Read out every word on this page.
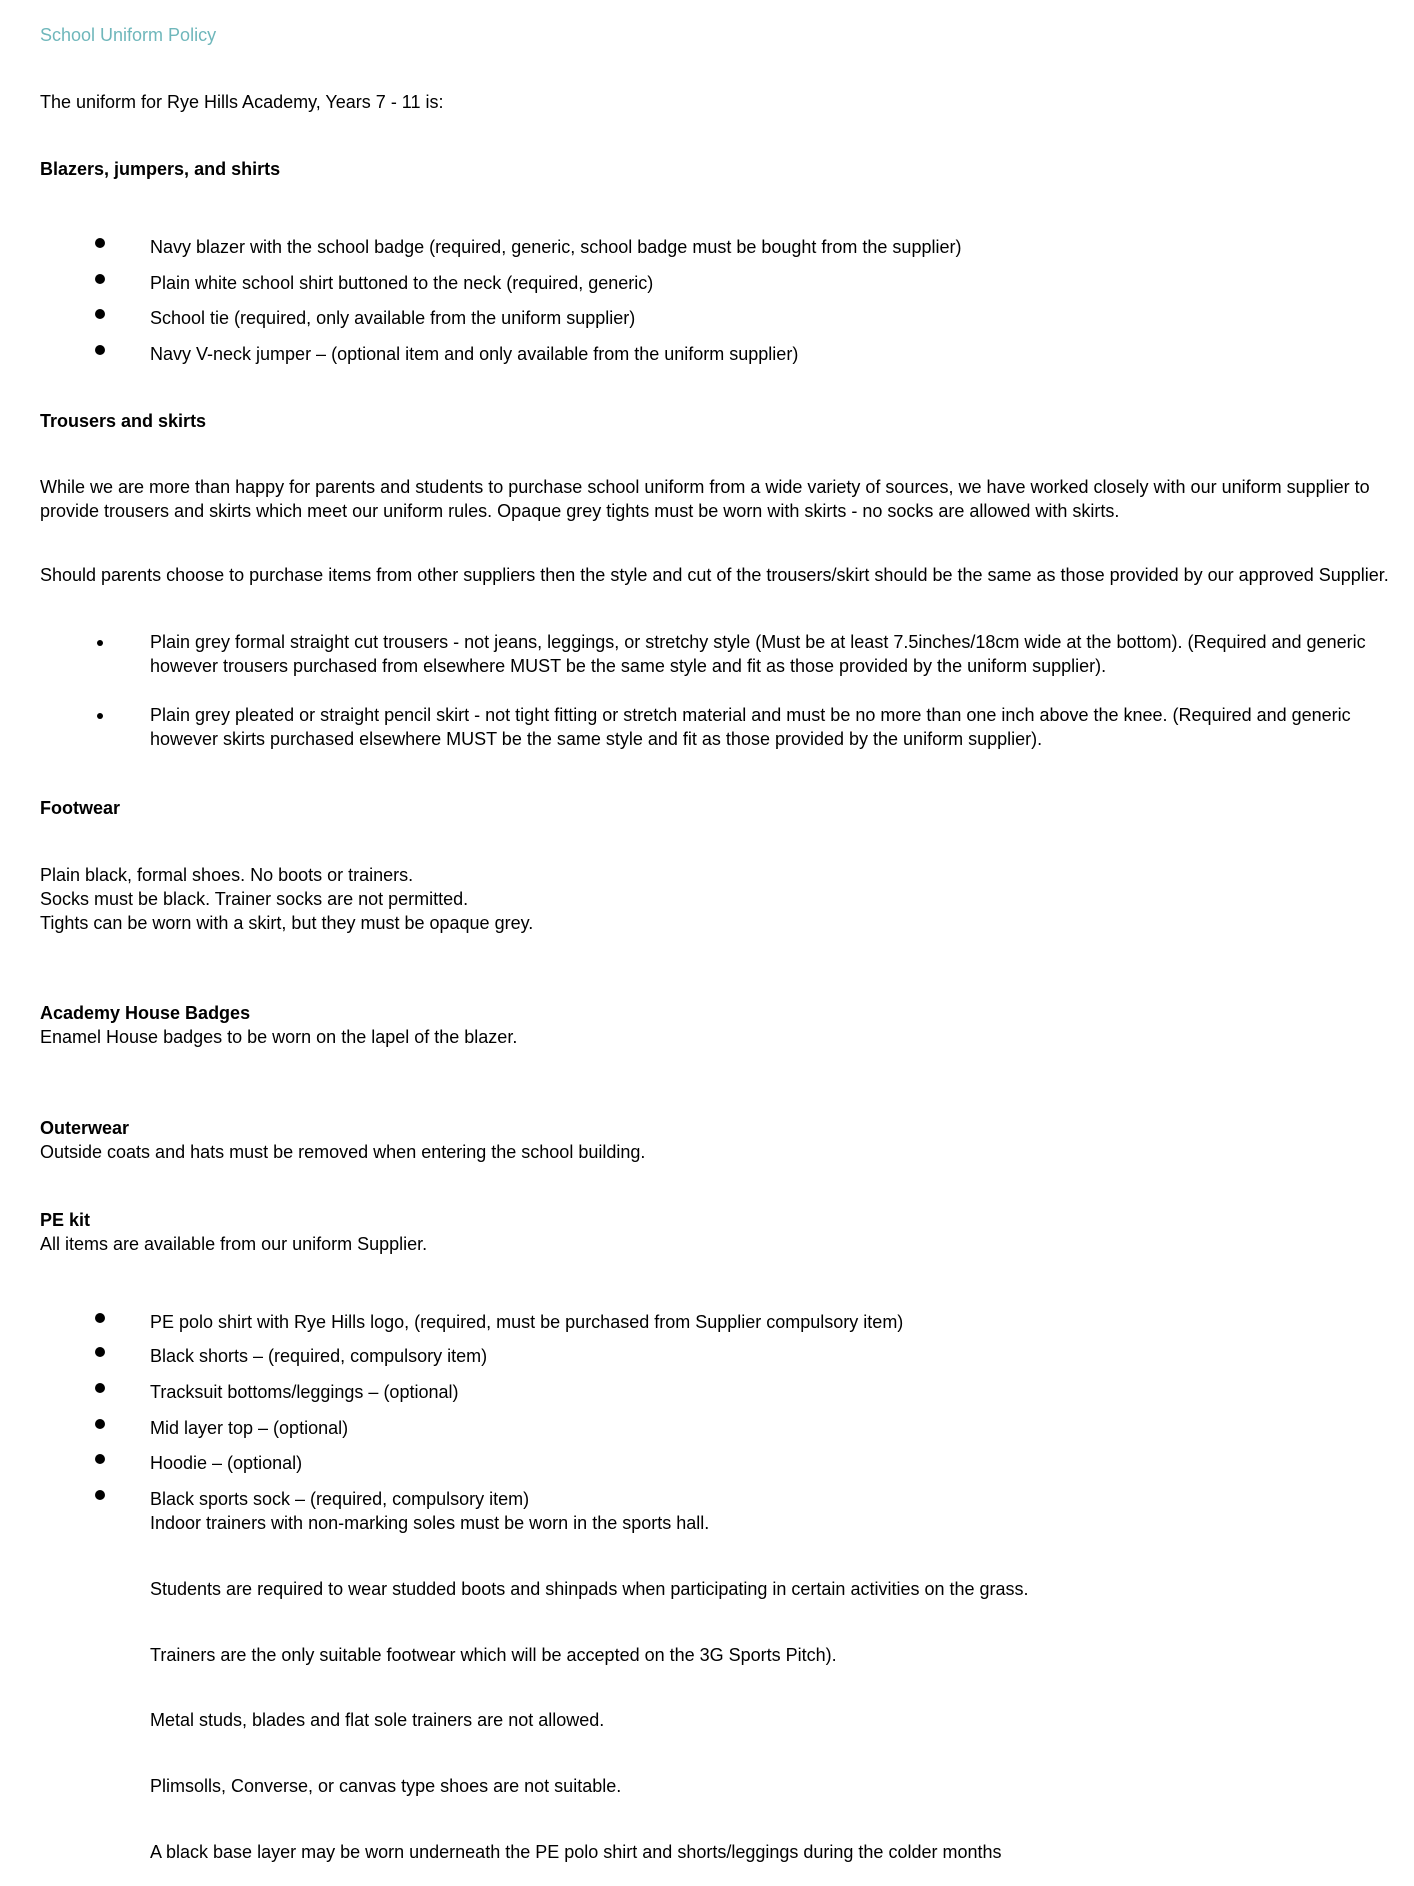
School Uniform Policy
The uniform for Rye Hills Academy, Years 7 - 11 is:
Blazers, jumpers, and shirts
Navy blazer with the school badge (required, generic, school badge must be bought from the supplier)
Plain white school shirt buttoned to the neck (required, generic)
School tie (required, only available from the uniform supplier)
Navy V-neck jumper – (optional item and only available from the uniform supplier)
Trousers and skirts
While we are more than happy for parents and students to purchase school uniform from a wide variety of sources, we have worked closely with our uniform supplier to provide trousers and skirts which meet our uniform rules. Opaque grey tights must be worn with skirts - no socks are allowed with skirts.
Should parents choose to purchase items from other suppliers then the style and cut of the trousers/skirt should be the same as those provided by our approved Supplier.
Plain grey formal straight cut trousers - not jeans, leggings, or stretchy style (Must be at least 7.5inches/18cm wide at the bottom). (Required and generic however trousers purchased from elsewhere MUST be the same style and fit as those provided by the uniform supplier).
Plain grey pleated or straight pencil skirt - not tight fitting or stretch material and must be no more than one inch above the knee. (Required and generic however skirts purchased elsewhere MUST be the same style and fit as those provided by the uniform supplier).
Footwear
Plain black, formal shoes. No boots or trainers.
Socks must be black. Trainer socks are not permitted.
Tights can be worn with a skirt, but they must be opaque grey.
Academy House Badges
Enamel House badges to be worn on the lapel of the blazer.
Outerwear
Outside coats and hats must be removed when entering the school building.
PE kit
All items are available from our uniform Supplier.
PE polo shirt with Rye Hills logo, (required, must be purchased from Supplier compulsory item)
Black shorts – (required, compulsory item)
Tracksuit bottoms/leggings – (optional)
Mid layer top – (optional)
Hoodie – (optional)
Black sports sock – (required, compulsory item)
Indoor trainers with non-marking soles must be worn in the sports hall.
Students are required to wear studded boots and shinpads when participating in certain activities on the grass.
Trainers are the only suitable footwear which will be accepted on the 3G Sports Pitch).
Metal studs, blades and flat sole trainers are not allowed.
Plimsolls, Converse, or canvas type shoes are not suitable.
A black base layer may be worn underneath the PE polo shirt and shorts/leggings during the colder months
